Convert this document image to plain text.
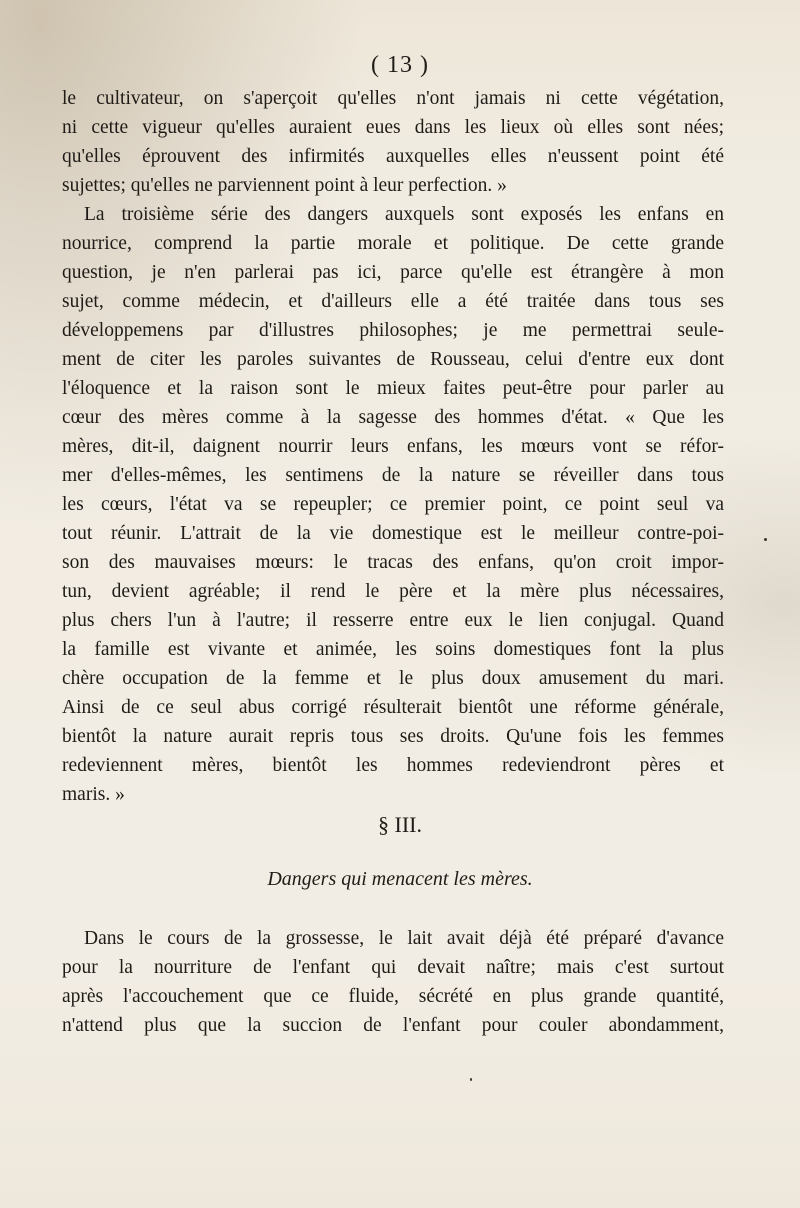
( 13 )
le cultivateur, on s'aperçoit qu'elles n'ont jamais ni cette végétation,
ni cette vigueur qu'elles auraient eues dans les lieux où elles sont nées;
qu'elles éprouvent des infirmités auxquelles elles n'eussent point été
sujettes; qu'elles ne parviennent point à leur perfection. »
La troisième série des dangers auxquels sont exposés les enfans en
nourrice, comprend la partie morale et politique. De cette grande
question, je n'en parlerai pas ici, parce qu'elle est étrangère à mon
sujet, comme médecin, et d'ailleurs elle a été traitée dans tous ses
développemens par d'illustres philosophes; je me permettrai seule-
ment de citer les paroles suivantes de Rousseau, celui d'entre eux dont
l'éloquence et la raison sont le mieux faites peut-être pour parler au
cœur des mères comme à la sagesse des hommes d'état. « Que les
mères, dit-il, daignent nourrir leurs enfans, les mœurs vont se réfor-
mer d'elles-mêmes, les sentimens de la nature se réveiller dans tous
les cœurs, l'état va se repeupler; ce premier point, ce point seul va
tout réunir. L'attrait de la vie domestique est le meilleur contre-poi-
son des mauvaises mœurs: le tracas des enfans, qu'on croit impor-
tun, devient agréable; il rend le père et la mère plus nécessaires,
plus chers l'un à l'autre; il resserre entre eux le lien conjugal. Quand
la famille est vivante et animée, les soins domestiques font la plus
chère occupation de la femme et le plus doux amusement du mari.
Ainsi de ce seul abus corrigé résulterait bientôt une réforme générale,
bientôt la nature aurait repris tous ses droits. Qu'une fois les femmes
redeviennent mères, bientôt les hommes redeviendront pères et
maris. »
§ III.
Dangers qui menacent les mères.
Dans le cours de la grossesse, le lait avait déjà été préparé d'avance
pour la nourriture de l'enfant qui devait naître; mais c'est surtout
après l'accouchement que ce fluide, sécrété en plus grande quantité,
n'attend plus que la succion de l'enfant pour couler abondamment,
